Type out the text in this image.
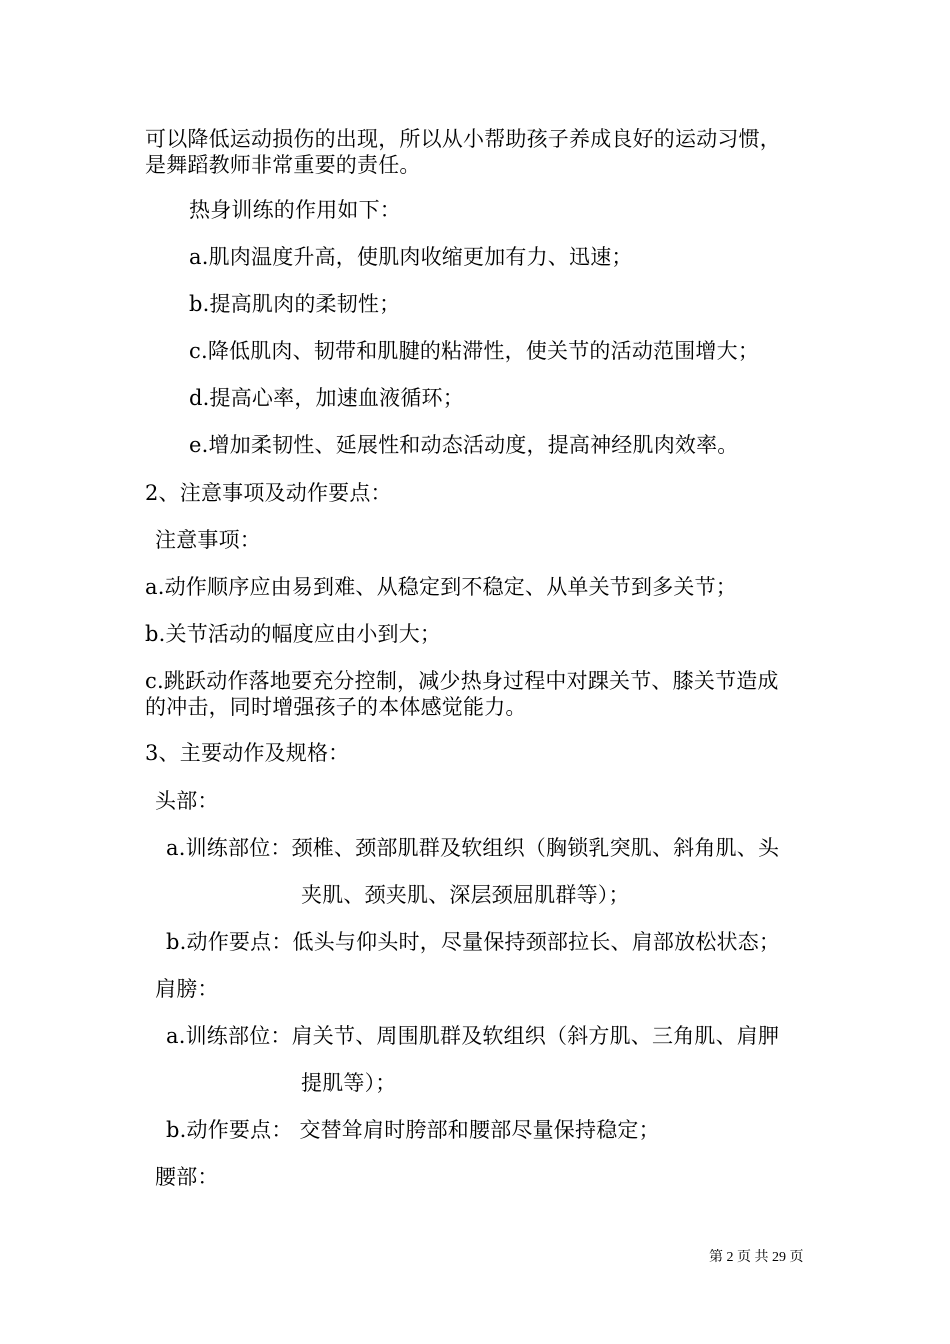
可以降低运动损伤的出现，所以从小帮助孩子养成良好的运动习惯，
是舞蹈教师非常重要的责任。
热身训练的作用如下：
a.肌肉温度升高，使肌肉收缩更加有力、迅速；
b.提高肌肉的柔韧性；
c.降低肌肉、韧带和肌腱的粘滞性，使关节的活动范围增大；
d.提高心率，加速血液循环；
e.增加柔韧性、延展性和动态活动度，提高神经肌肉效率。
2、注意事项及动作要点：
注意事项：
a.动作顺序应由易到难、从稳定到不稳定、从单关节到多关节；
b.关节活动的幅度应由小到大；
c.跳跃动作落地要充分控制，减少热身过程中对踝关节、膝关节造成
的冲击，同时增强孩子的本体感觉能力。
3、主要动作及规格：
头部：
a.训练部位：颈椎、颈部肌群及软组织（胸锁乳突肌、斜角肌、头
夹肌、颈夹肌、深层颈屈肌群等）；
b.动作要点：低头与仰头时，尽量保持颈部拉长、肩部放松状态；
肩膀：
a.训练部位：肩关节、周围肌群及软组织（斜方肌、三角肌、肩胛
提肌等）；
b.动作要点： 交替耸肩时胯部和腰部尽量保持稳定；
腰部：
第 2 页 共 29 页
